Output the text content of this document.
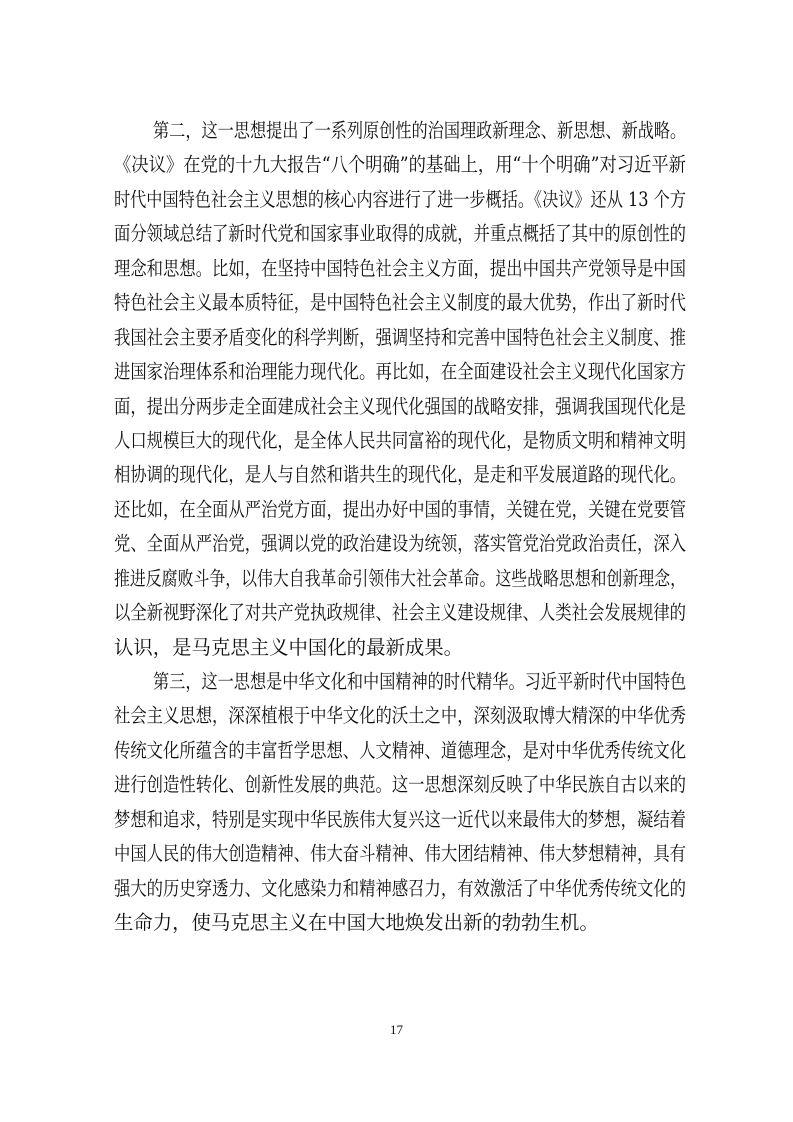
第二，这一思想提出了一系列原创性的治国理政新理念、新思想、新战略。
《决议》在党的十九大报告“八个明确”的基础上，用“十个明确”对习近平新
时代中国特色社会主义思想的核心内容进行了进一步概括。《决议》还从 13 个方
面分领域总结了新时代党和国家事业取得的成就，并重点概括了其中的原创性的
理念和思想。比如，在坚持中国特色社会主义方面，提出中国共产党领导是中国
特色社会主义最本质特征，是中国特色社会主义制度的最大优势，作出了新时代
我国社会主要矛盾变化的科学判断，强调坚持和完善中国特色社会主义制度、推
进国家治理体系和治理能力现代化。再比如，在全面建设社会主义现代化国家方
面，提出分两步走全面建成社会主义现代化强国的战略安排，强调我国现代化是
人口规模巨大的现代化，是全体人民共同富裕的现代化，是物质文明和精神文明
相协调的现代化，是人与自然和谐共生的现代化，是走和平发展道路的现代化。
还比如，在全面从严治党方面，提出办好中国的事情，关键在党，关键在党要管
党、全面从严治党，强调以党的政治建设为统领，落实管党治党政治责任，深入
推进反腐败斗争，以伟大自我革命引领伟大社会革命。这些战略思想和创新理念，
以全新视野深化了对共产党执政规律、社会主义建设规律、人类社会发展规律的
认识，是马克思主义中国化的最新成果。
第三，这一思想是中华文化和中国精神的时代精华。习近平新时代中国特色
社会主义思想，深深植根于中华文化的沃土之中，深刻汲取博大精深的中华优秀
传统文化所蕴含的丰富哲学思想、人文精神、道德理念，是对中华优秀传统文化
进行创造性转化、创新性发展的典范。这一思想深刻反映了中华民族自古以来的
梦想和追求，特别是实现中华民族伟大复兴这一近代以来最伟大的梦想，凝结着
中国人民的伟大创造精神、伟大奋斗精神、伟大团结精神、伟大梦想精神，具有
强大的历史穿透力、文化感染力和精神感召力，有效激活了中华优秀传统文化的
生命力，使马克思主义在中国大地焕发出新的勃勃生机。
17
